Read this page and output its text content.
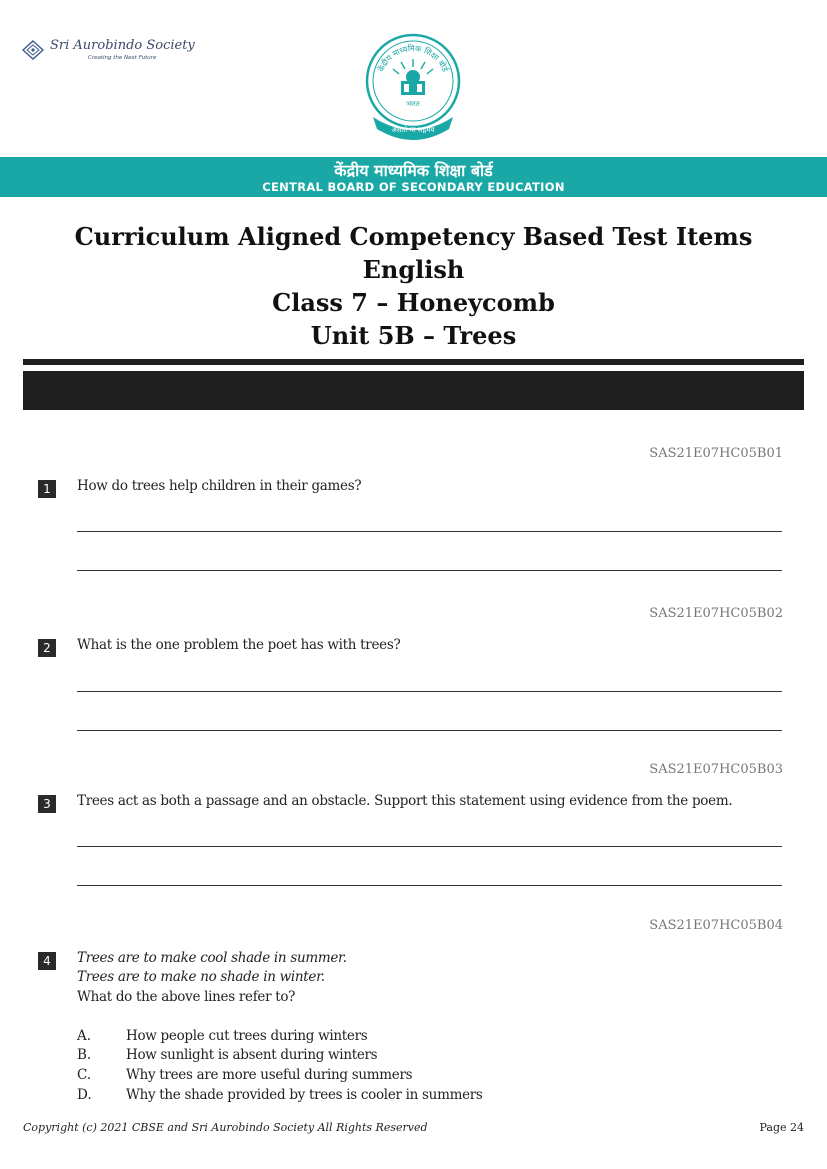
Sri Aurobindo Society
Creating the Next Future
केंद्रीय माध्यमिक शिक्षा बोर्ड
भारत
असतो मा सद्गमय
केंद्रीय माध्यमिक शिक्षा बोर्ड
CENTRAL BOARD OF SECONDARY EDUCATION
Curriculum Aligned Competency Based Test Items
English
Class 7 – Honeycomb
Unit 5B – Trees
SAS21E07HC05B01
1	How do trees help children in their games?
SAS21E07HC05B02
2	What is the one problem the poet has with trees?
SAS21E07HC05B03
3	Trees act as both a passage and an obstacle. Support this statement using evidence from the poem.
SAS21E07HC05B04
4	Trees are to make cool shade in summer.
Trees are to make no shade in winter.
What do the above lines refer to?
A.	How people cut trees during winters
B.	How sunlight is absent during winters
C.	Why trees are more useful during summers
D.	Why the shade provided by trees is cooler in summers
Copyright (c) 2021 CBSE and Sri Aurobindo Society All Rights Reserved	Page 24
